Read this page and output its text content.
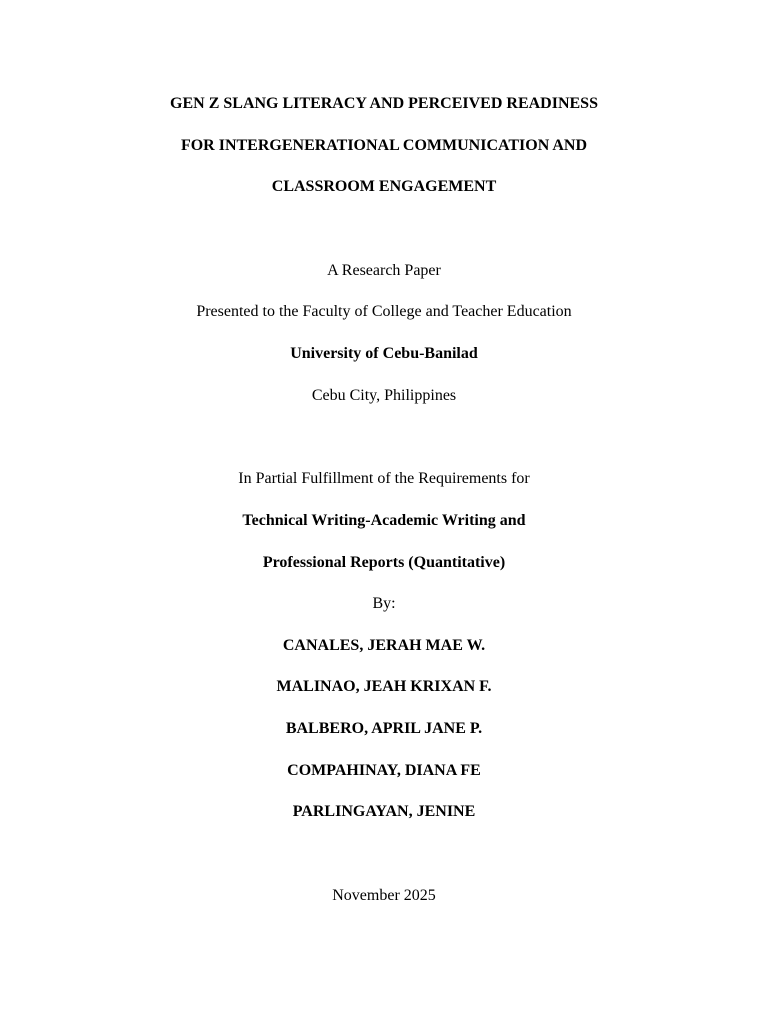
GEN Z SLANG LITERACY AND PERCEIVED READINESS
FOR INTERGENERATIONAL COMMUNICATION AND
CLASSROOM ENGAGEMENT
A Research Paper
Presented to the Faculty of College and Teacher Education
University of Cebu-Banilad
Cebu City, Philippines
In Partial Fulfillment of the Requirements for
Technical Writing-Academic Writing and
Professional Reports (Quantitative)
By:
CANALES, JERAH MAE W.
MALINAO, JEAH KRIXAN F.
BALBERO, APRIL JANE P.
COMPAHINAY, DIANA FE
PARLINGAYAN, JENINE
November 2025
